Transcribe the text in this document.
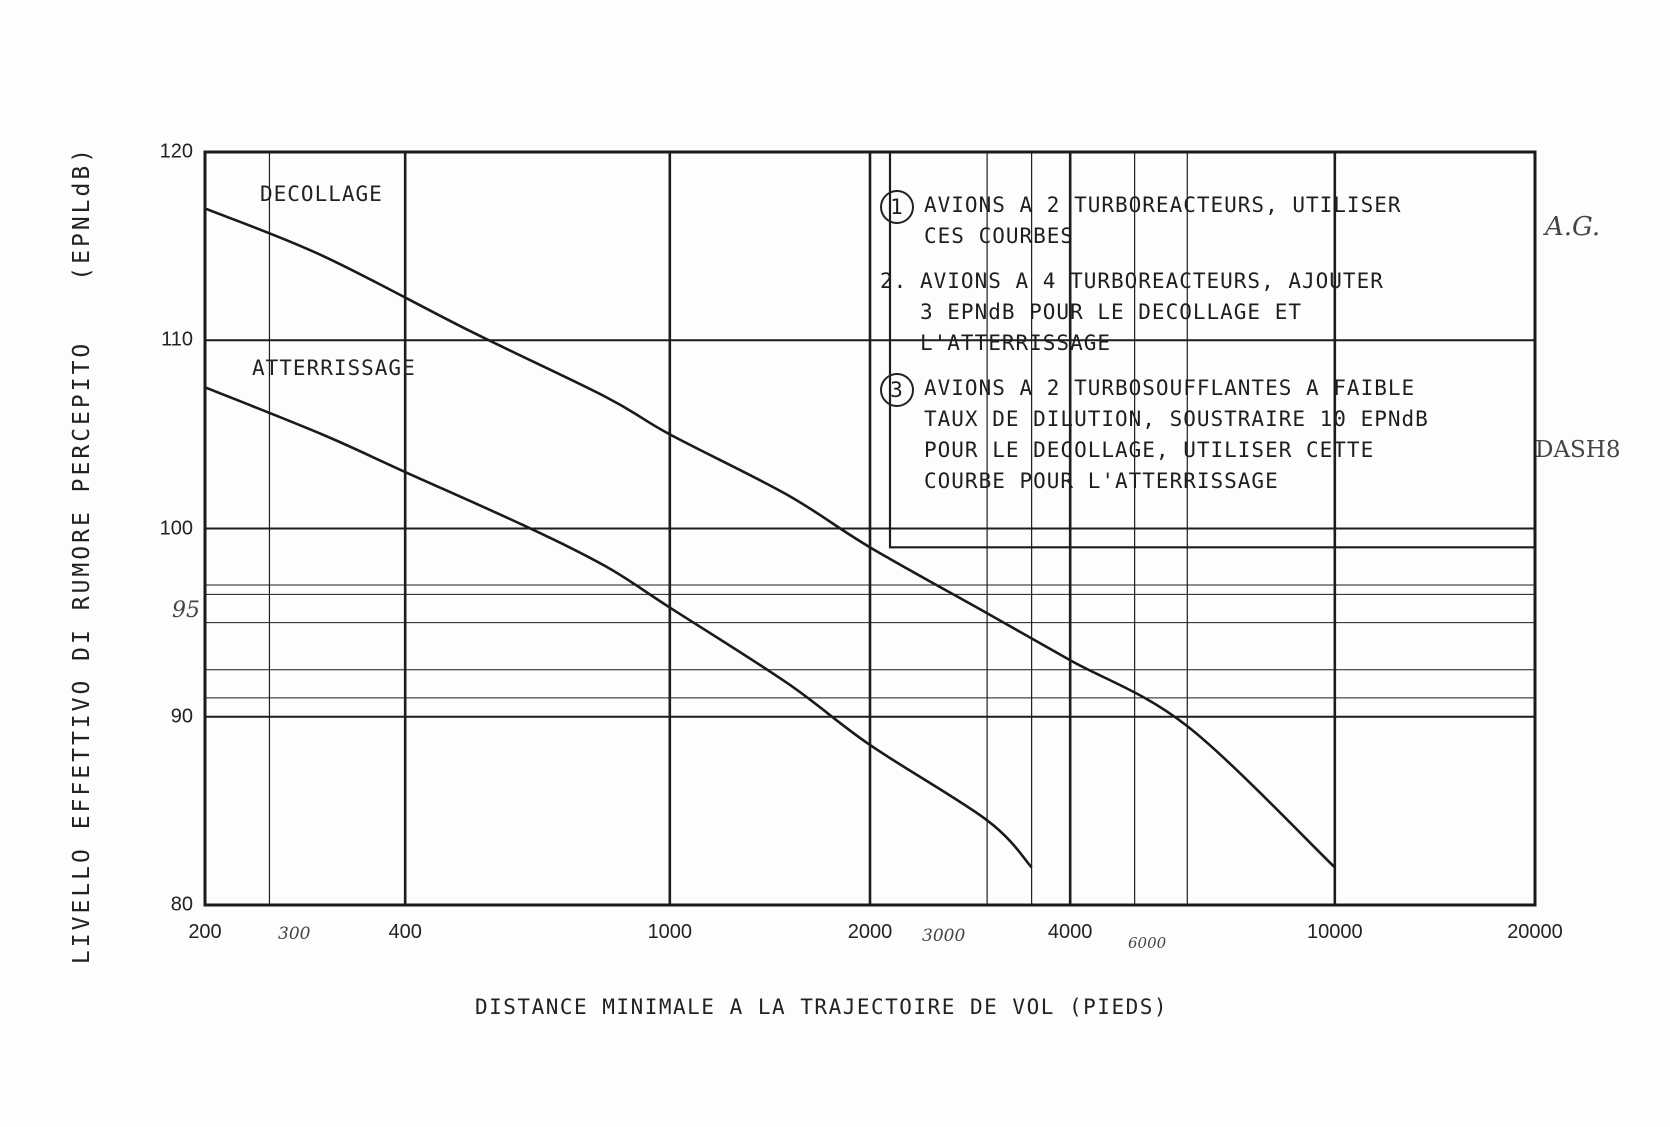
LIVELLO EFFETTIVO DI RUMORE PERCEPITO(EPNLdB)
DISTANCE MINIMALE A LA TRAJECTOIRE DE VOL (PIEDS)
80
90
100
110
120
200	400	1000	2000	4000	10000	20000
DECOLLAGE
ATTERRISSAGE
1 AVIONS A 2 TURBOREACTEURS, UTILISER
CES COURBES
2. AVIONS A 4 TURBOREACTEURS, AJOUTER
3 EPNdB POUR LE DECOLLAGE ET
L'ATTERRISSAGE
3 AVIONS A 2 TURBOSOUFFLANTES A FAIBLE
TAUX DE DILUTION, SOUSTRAIRE 10 EPNdB
POUR LE DECOLLAGE, UTILISER CETTE
COURBE POUR L'ATTERRISSAGE
A.G.
DASH8
95
300	3000	6000
